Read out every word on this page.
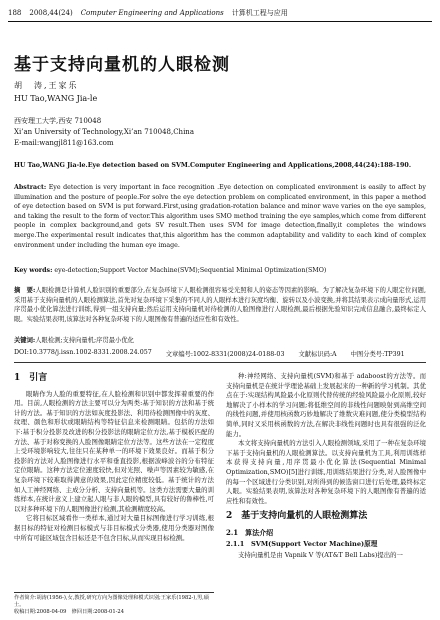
188 2008,44(24) Computer Engineering and Applications 计算机工程与应用
基于支持向量机的人眼检测
胡　涛,王家乐
HU Tao,WANG Jia-le
西安理工大学,西安 710048
Xi’an University of Technology,Xi’an 710048,China
E-mail:wangjl811@163.com
HU Tao,WANG Jia-le.Eye detection based on SVM.Computer Engineering and Applications,2008,44(24):188-190.
Abstract: Eye detection is very important in face recognition .Eye detection on complicated environment is easily to affect by illumination and the posture of people.For solve the eye detection problem on complicated environment, in this paper a method of eye detection based on SVM is put forward.First,using gradation-rotation balance and minor wave varies on the eye samples, and taking the result to the form of vector.This algorithm uses SMO method training the eye samples,which come from different people in complex background,and gets SV result.Then uses SVM for image detection,finally,it completes the windows merge.The experimental result indicates that,this algorithm has the common adaptability and validity to each kind of complex environment under including the human eye image.
Key words: eye-detection;Support Vector Machine(SVM);Sequential Minimal Optimization(SMO)
摘　要:人眼检测是计算机人脸识别的重要部分,在复杂环境下人眼检测很容易受光照和人的姿态等因素的影响。为了解决复杂环境下的人眼定位问题,采用基于支持向量机的人眼检测算法,首先对复杂环境下采集的不同人的人眼样本进行灰度均衡、旋转以及小波变换,并将其结果表示成向量形式,运用序贯最小优化算法进行训练,得到一组支持向量;然后运用支持向量机对待检测的人脸图像进行人眼检测,最后根据先验知识完成信息融合,最终标定人眼。实验结果表明,该算法对各种复杂环境下的人眼图像有普遍的适应性和有效性。
关键词:人眼检测;支持向量机;序贯最小优化
DOI:10.3778/j.issn.1002-8331.2008.24.057 文章编号:1002-8331(2008)24-0188-03 文献标识码:A 中图分类号:TP391
1　引言

眼睛作为人脸的重要特征,在人脸检测和识别中都发挥着重要的作用。目前,人眼检测的方法主要可以分为两类:基于知识的方法和基于统计的方法。基于知识的方法如灰度投影法、利用待检测图像中的灰度、纹理、颜色和形状或眼睛结构等特征信息来检测眼睛。包括的方法如下:基于积分投影及改进的积分投影法的眼睛定位方法,基于模板匹配的方法、基于对称变换的人脸图像眼睛定位方法等。这些方法在一定程度上受环境影响较大,往往只在某种单一的环境下效果良好。而基于积分投影的方法对人脸图像进行水平和垂直投影,根据波峰波谷的分布特征定位眼睛。这种方法定位速度较快,但对光照、噪声等因素较为敏感,在复杂环境下较难取得满意的效果,因此定位精度较低。基于统计的方法如人工神经网络、主成分分析、支持向量机等。这类方法需要大量的训练样本,在统计意义上建立起人眼与非人眼的模型,具有较好的鲁棒性,可以对多种环境下的人眼图像进行检测,其检测精度较高。

它将目标区域看作一类样本,通过对大量目标图像进行学习训练,根据目标的特征对检测目标模式与非目标模式分类器,使用分类器对图像中所有可能区域包含目标还是不包含目标,从而实现目标检测。

种:神经网络、支持向量机(SVM)和基于 adaboost的方法等。而支持向量机是在统计学理论基础上发展起来的一种新的学习机制。其优点在于:实现结构风险最小化原则代替传统的经验风险最小化原则,较好地解决了小样本的学习问题;将低维空间的非线性问题映射到高维空间的线性问题,并使用核函数巧妙地解决了维数灾难问题,使分类模型结构简单,同时又采用核函数的方法,在解决非线性问题时也具有很强的泛化能力。

本文将支持向量机的方法引入人眼检测领域,采用了一种在复杂环境下基于支持向量机的人眼检测算法。以支持向量机为工具,利用训练样本获得支持向量,用序贯最小优化算法(Sequential Minimal Optimization,SMO)[5]进行训练,用训练结果进行分类,对人脸图像中的每一个区域进行分类识别,对所得到的候选窗口进行后处理,最终标定人眼。实验结果表明,该算法对各种复杂环境下的人眼图像有普遍的适应性和有效性。

2　基于支持向量机的人眼检测算法
2.1　算法介绍
2.1.1　SVM(Support Vector Machine)原理

支持向量机是由 Vapnik V 等(AT&T Bell Labs)提出的一

作者简介:胡涛(1956-),女,教授,研究方向为图像处理和模式识别;王家乐(1982-),男,硕士。
收稿日期:2008-04-09　修回日期:2008-01-24
